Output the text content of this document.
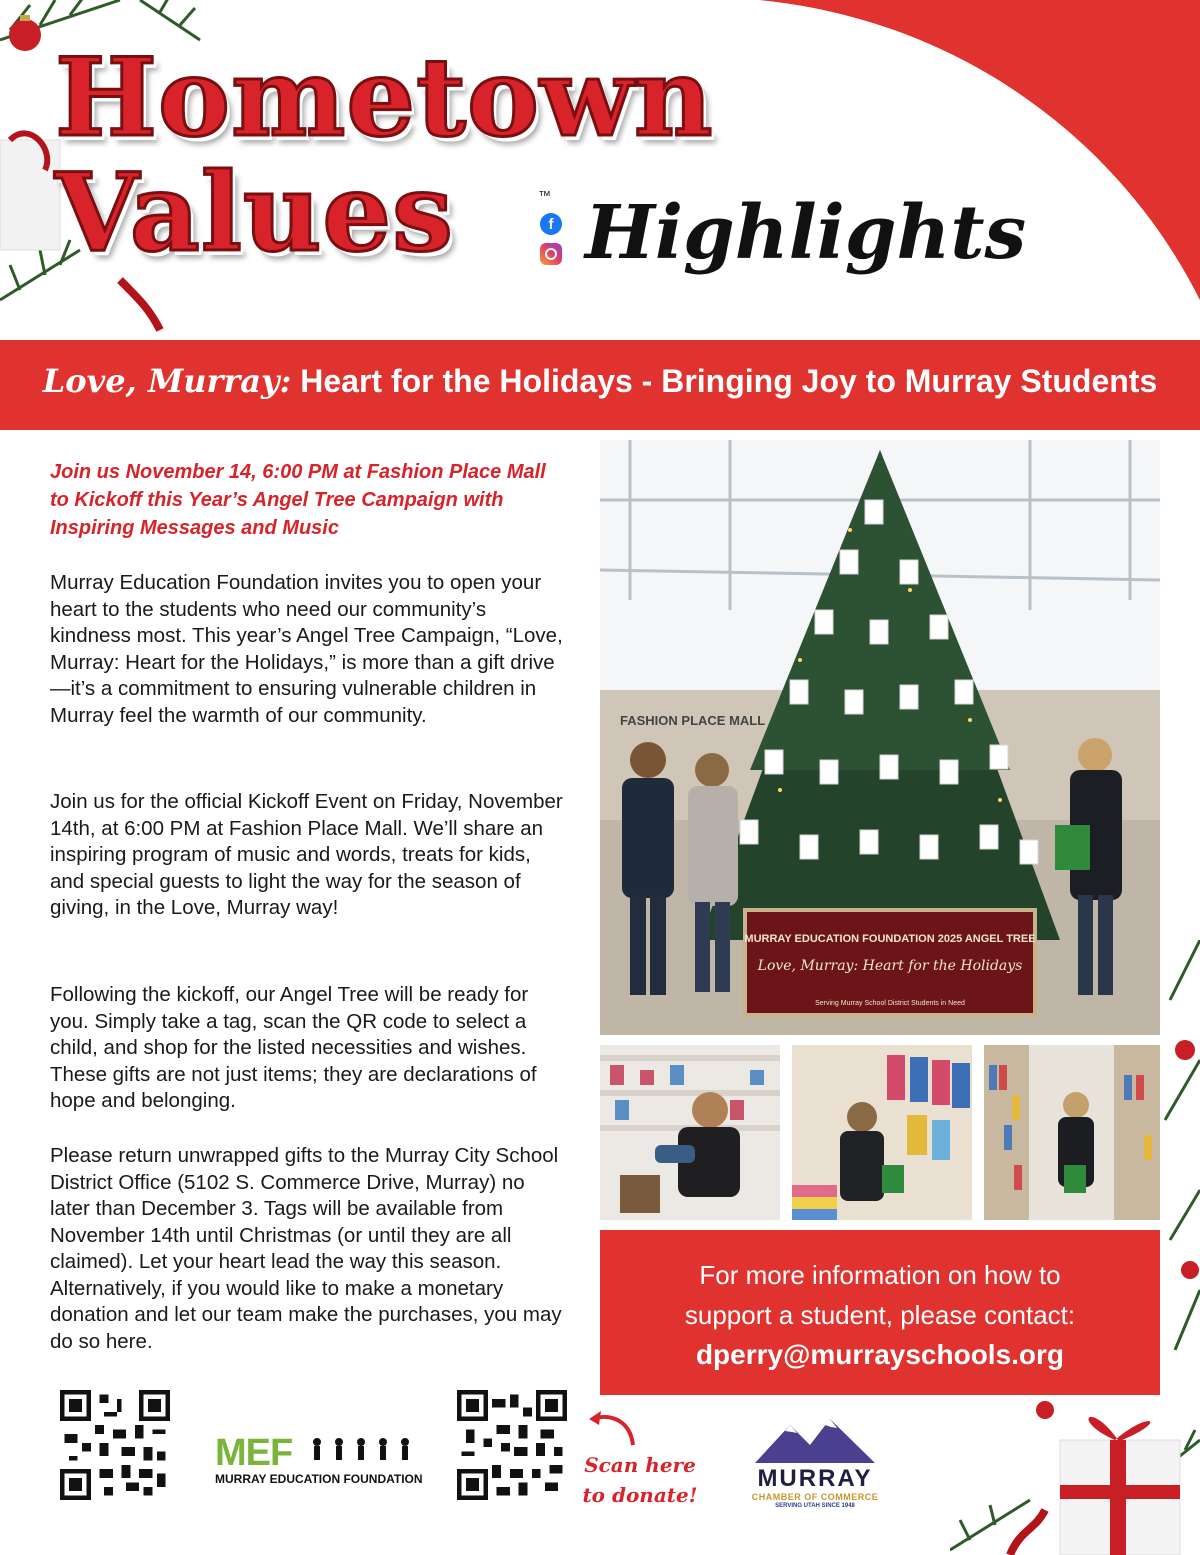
Hometown
Values	™
f Highlights
Love, Murray: Heart for the Holidays - Bringing Joy to Murray Students
Join us November 14, 6:00 PM at Fashion Place Mall to Kickoff this Year’s Angel Tree Campaign with Inspiring Messages and Music
Murray Education Foundation invites you to open your heart to the students who need our community’s kindness most. This year’s Angel Tree Campaign, “Love, Murray: Heart for the Holidays,” is more than a gift drive—it’s a commitment to ensuring vulnerable children in Murray feel the warmth of our community.
Join us for the official Kickoff Event on Friday, November 14th, at 6:00 PM at Fashion Place Mall. We’ll share an inspiring program of music and words, treats for kids, and special guests to light the way for the season of giving, in the Love, Murray way!
Following the kickoff, our Angel Tree will be ready for you. Simply take a tag, scan the QR code to select a child, and shop for the listed necessities and wishes. These gifts are not just items; they are declarations of hope and belonging.
Please return unwrapped gifts to the Murray City School District Office (5102 S. Commerce Drive, Murray) no later than December 3. Tags will be available from November 14th until Christmas (or until they are all claimed). Let your heart lead the way this season. Alternatively, if you would like to make a monetary donation and let our team make the purchases, you may do so here.
FASHION PLACE MALL
MURRAY EDUCATION FOUNDATION 2025 ANGEL TREE
Love, Murray: Heart for the Holidays
Serving Murray School District Students in Need
For more information on how to
support a student, please contact:
dperry@murrayschools.org
MEF
MURRAY EDUCATION FOUNDATION
Scan here
to donate!
MURRAY
CHAMBER OF COMMERCE
SERVING UTAH SINCE 1948
